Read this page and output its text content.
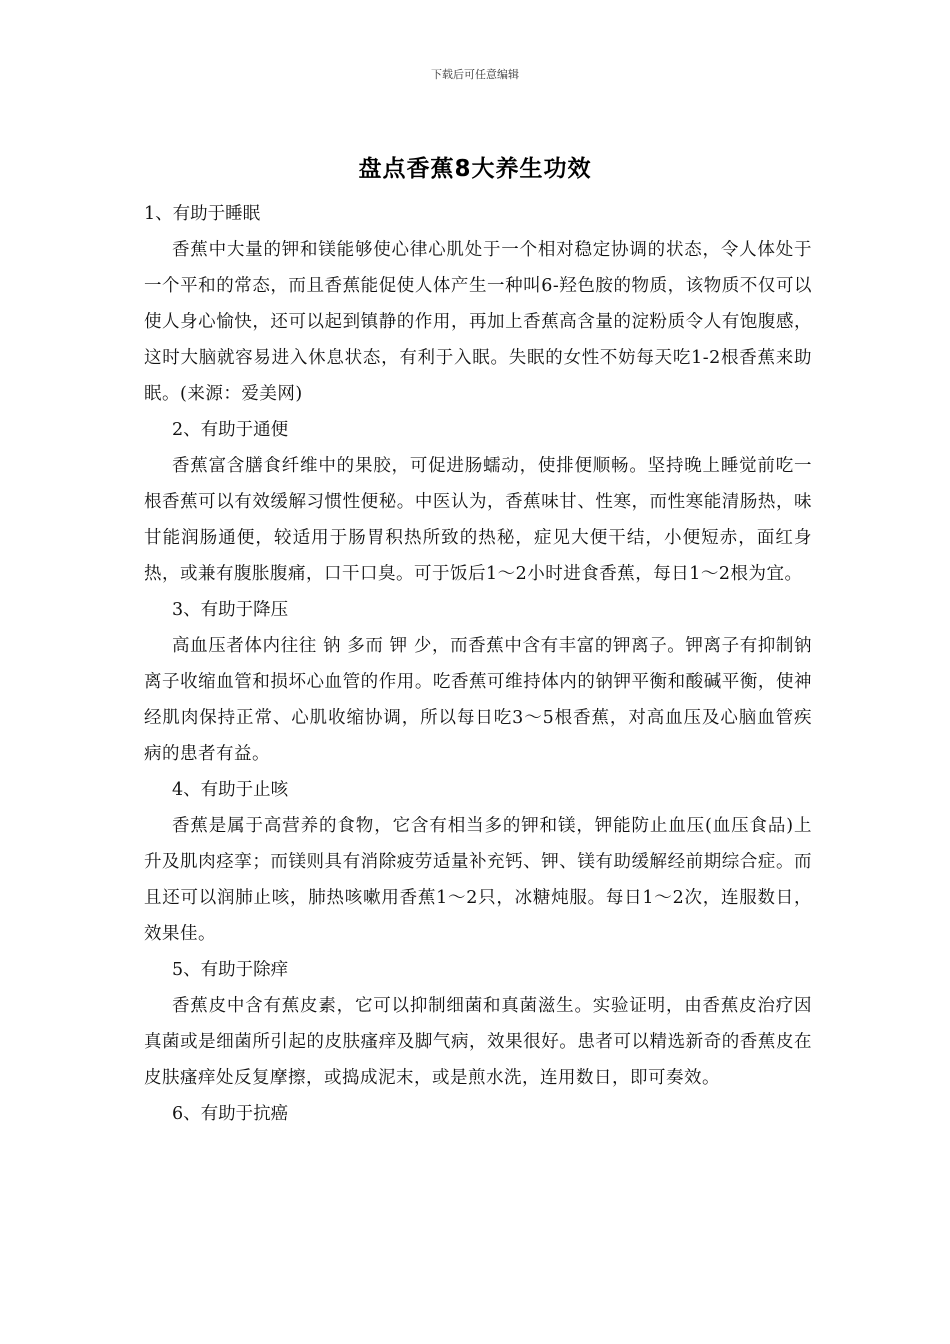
下载后可任意编辑
盘点香蕉8大养生功效

1、有助于睡眠

香蕉中大量的钾和镁能够使心律心肌处于一个相对稳定协调的状态，令人体处于一个平和的常态，而且香蕉能促使人体产生一种叫6-羟色胺的物质，该物质不仅可以使人身心愉快，还可以起到镇静的作用，再加上香蕉高含量的淀粉质令人有饱腹感，这时大脑就容易进入休息状态，有利于入眠。失眠的女性不妨每天吃1-2根香蕉来助眠。(来源：爱美网)

2、有助于通便

香蕉富含膳食纤维中的果胶，可促进肠蠕动，使排便顺畅。坚持晚上睡觉前吃一根香蕉可以有效缓解习惯性便秘。中医认为，香蕉味甘、性寒，而性寒能清肠热，味甘能润肠通便，较适用于肠胃积热所致的热秘，症见大便干结，小便短赤，面红身热，或兼有腹胀腹痛，口干口臭。可于饭后1～2小时进食香蕉，每日1～2根为宜。

3、有助于降压

高血压者体内往往 钠 多而 钾 少，而香蕉中含有丰富的钾离子。钾离子有抑制钠离子收缩血管和损坏心血管的作用。吃香蕉可维持体内的钠钾平衡和酸碱平衡，使神经肌肉保持正常、心肌收缩协调，所以每日吃3～5根香蕉，对高血压及心脑血管疾病的患者有益。

4、有助于止咳

香蕉是属于高营养的食物，它含有相当多的钾和镁，钾能防止血压(血压食品)上升及肌肉痉挛；而镁则具有消除疲劳适量补充钙、钾、镁有助缓解经前期综合症。而且还可以润肺止咳，肺热咳嗽用香蕉1～2只，冰糖炖服。每日1～2次，连服数日，效果佳。

5、有助于除痒

香蕉皮中含有蕉皮素，它可以抑制细菌和真菌滋生。实验证明，由香蕉皮治疗因真菌或是细菌所引起的皮肤瘙痒及脚气病，效果很好。患者可以精选新奇的香蕉皮在皮肤瘙痒处反复摩擦，或捣成泥末，或是煎水洗，连用数日，即可奏效。

6、有助于抗癌
